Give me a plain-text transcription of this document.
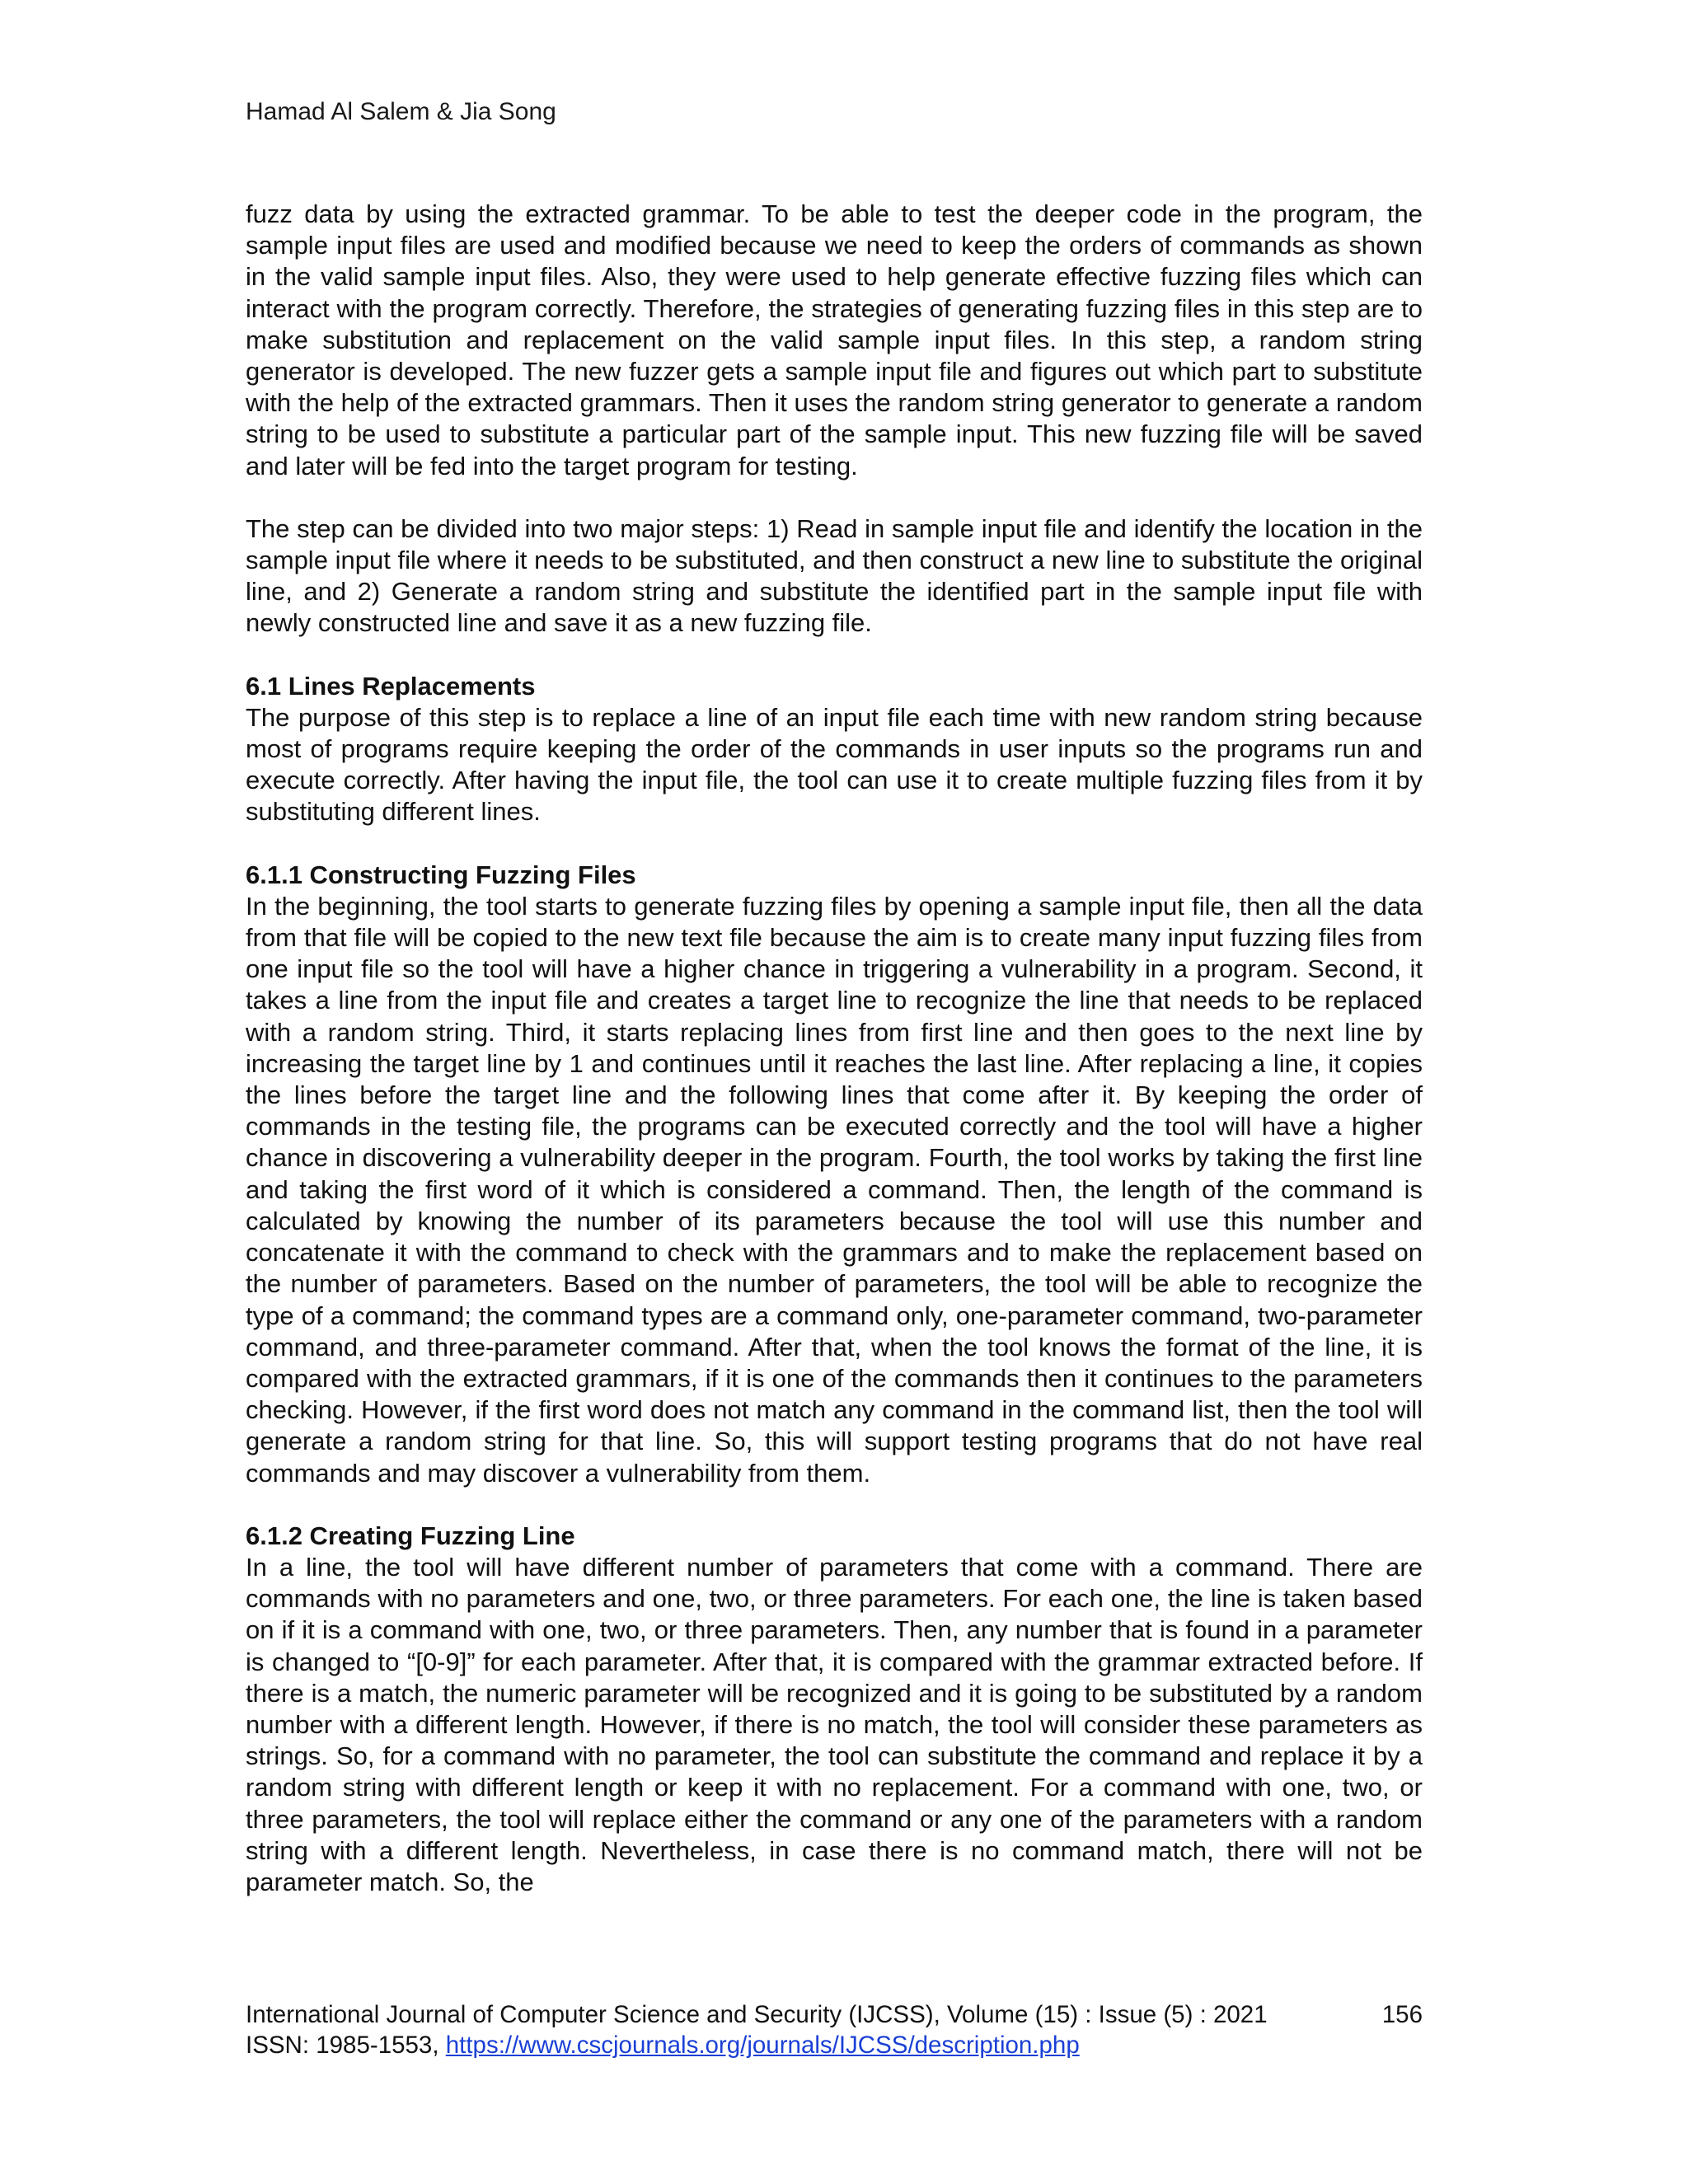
Hamad Al Salem & Jia Song

fuzz data by using the extracted grammar. To be able to test the deeper code in the program, the sample input files are used and modified because we need to keep the orders of commands as shown in the valid sample input files. Also, they were used to help generate effective fuzzing files which can interact with the program correctly. Therefore, the strategies of generating fuzzing files in this step are to make substitution and replacement on the valid sample input files. In this step, a random string generator is developed. The new fuzzer gets a sample input file and figures out which part to substitute with the help of the extracted grammars. Then it uses the random string generator to generate a random string to be used to substitute a particular part of the sample input. This new fuzzing file will be saved and later will be fed into the target program for testing.

The step can be divided into two major steps: 1) Read in sample input file and identify the location in the sample input file where it needs to be substituted, and then construct a new line to substitute the original line, and 2) Generate a random string and substitute the identified part in the sample input file with newly constructed line and save it as a new fuzzing file.

6.1 Lines Replacements

The purpose of this step is to replace a line of an input file each time with new random string because most of programs require keeping the order of the commands in user inputs so the programs run and execute correctly. After having the input file, the tool can use it to create multiple fuzzing files from it by substituting different lines.

6.1.1 Constructing Fuzzing Files

In the beginning, the tool starts to generate fuzzing files by opening a sample input file, then all the data from that file will be copied to the new text file because the aim is to create many input fuzzing files from one input file so the tool will have a higher chance in triggering a vulnerability in a program. Second, it takes a line from the input file and creates a target line to recognize the line that needs to be replaced with a random string. Third, it starts replacing lines from first line and then goes to the next line by increasing the target line by 1 and continues until it reaches the last line. After replacing a line, it copies the lines before the target line and the following lines that come after it. By keeping the order of commands in the testing file, the programs can be executed correctly and the tool will have a higher chance in discovering a vulnerability deeper in the program. Fourth, the tool works by taking the first line and taking the first word of it which is considered a command. Then, the length of the command is calculated by knowing the number of its parameters because the tool will use this number and concatenate it with the command to check with the grammars and to make the replacement based on the number of parameters. Based on the number of parameters, the tool will be able to recognize the type of a command; the command types are a command only, one-parameter command, two-parameter command, and three-parameter command. After that, when the tool knows the format of the line, it is compared with the extracted grammars, if it is one of the commands then it continues to the parameters checking. However, if the first word does not match any command in the command list, then the tool will generate a random string for that line. So, this will support testing programs that do not have real commands and may discover a vulnerability from them.

6.1.2 Creating Fuzzing Line

In a line, the tool will have different number of parameters that come with a command. There are commands with no parameters and one, two, or three parameters. For each one, the line is taken based on if it is a command with one, two, or three parameters. Then, any number that is found in a parameter is changed to “[0-9]” for each parameter. After that, it is compared with the grammar extracted before. If there is a match, the numeric parameter will be recognized and it is going to be substituted by a random number with a different length. However, if there is no match, the tool will consider these parameters as strings. So, for a command with no parameter, the tool can substitute the command and replace it by a random string with different length or keep it with no replacement. For a command with one, two, or three parameters, the tool will replace either the command or any one of the parameters with a random string with a different length. Nevertheless, in case there is no command match, there will not be parameter match. So, the

International Journal of Computer Science and Security (IJCSS), Volume (15) : Issue (5) : 2021	156

ISSN: 1985-1553, https://www.cscjournals.org/journals/IJCSS/description.php
